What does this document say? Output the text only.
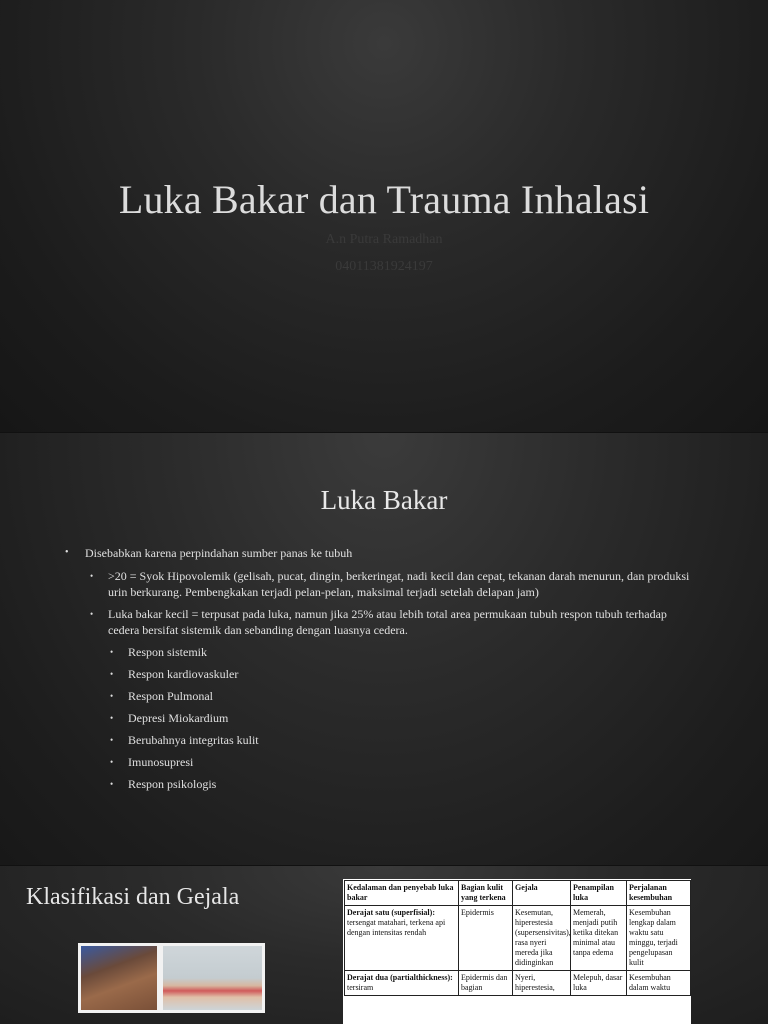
Luka Bakar dan Trauma Inhalasi
A.n Putra Ramadhan
04011381924197
Luka Bakar
• Disebabkan karena perpindahan sumber panas ke tubuh
• >20 = Syok Hipovolemik (gelisah, pucat, dingin, berkeringat, nadi kecil dan cepat, tekanan darah menurun, dan produksi urin berkurang. Pembengkakan terjadi pelan-pelan, maksimal terjadi setelah delapan jam)
• Luka bakar kecil = terpusat pada luka, namun jika 25% atau lebih total area permukaan tubuh respon tubuh terhadap cedera bersifat sistemik dan sebanding dengan luasnya cedera.
• Respon sistemik
• Respon kardiovaskuler
• Respon Pulmonal
• Depresi Miokardium
• Berubahnya integritas kulit
• Imunosupresi
• Respon psikologis
Klasifikasi dan Gejala	Kedalaman dan penyebab luka bakar	Bagian kulit yang terkena	Gejala	Penampilan luka	Perjalanan kesembuhan
Derajat satu (superfisial): tersengat matahari, terkena api dengan intensitas rendah	Epidermis	Kesemutan, hiperestesia (supersensivitas), rasa nyeri mereda jika didinginkan	Memerah, menjadi putih ketika ditekan minimal atau tanpa edema	Kesembuhan lengkap dalam waktu satu minggu, terjadi pengelupasan kulit
Derajat dua (partialthickness): tersiram	Epidermis dan bagian	Nyeri, hiperestesia,	Melepuh, dasar luka	Kesembuhan dalam waktu
